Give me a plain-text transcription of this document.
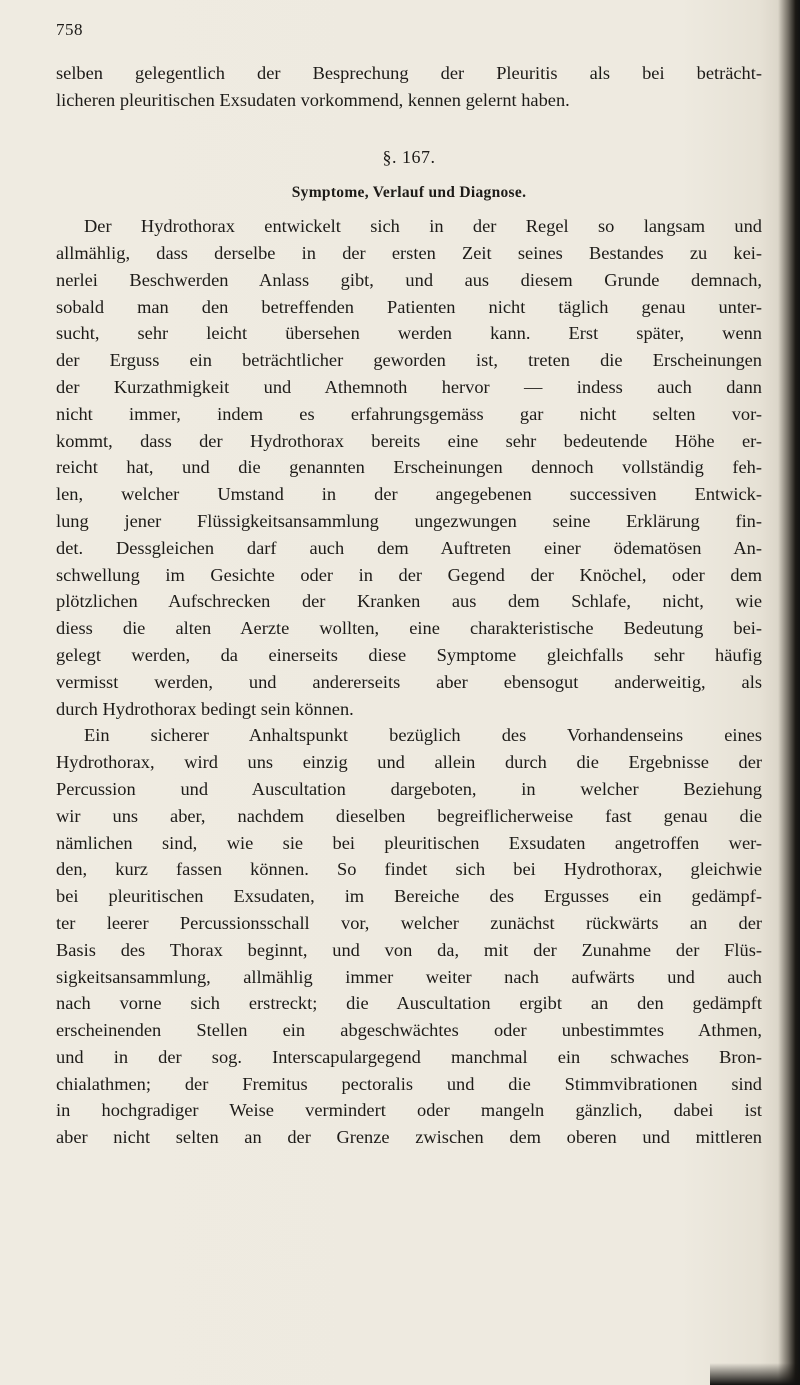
758
selben gelegentlich der Besprechung der Pleuritis als bei beträcht-
licheren pleuritischen Exsudaten vorkommend, kennen gelernt haben.
§. 167.
Symptome, Verlauf und Diagnose.
Der Hydrothorax entwickelt sich in der Regel so langsam und
allmählig, dass derselbe in der ersten Zeit seines Bestandes zu kei-
nerlei Beschwerden Anlass gibt, und aus diesem Grunde demnach,
sobald man den betreffenden Patienten nicht täglich genau unter-
sucht, sehr leicht übersehen werden kann. Erst später, wenn
der Erguss ein beträchtlicher geworden ist, treten die Erscheinungen
der Kurzathmigkeit und Athemnoth hervor — indess auch dann
nicht immer, indem es erfahrungsgemäss gar nicht selten vor-
kommt, dass der Hydrothorax bereits eine sehr bedeutende Höhe er-
reicht hat, und die genannten Erscheinungen dennoch vollständig feh-
len, welcher Umstand in der angegebenen successiven Entwick-
lung jener Flüssigkeitsansammlung ungezwungen seine Erklärung fin-
det. Dessgleichen darf auch dem Auftreten einer ödematösen An-
schwellung im Gesichte oder in der Gegend der Knöchel, oder dem
plötzlichen Aufschrecken der Kranken aus dem Schlafe, nicht, wie
diess die alten Aerzte wollten, eine charakteristische Bedeutung bei-
gelegt werden, da einerseits diese Symptome gleichfalls sehr häufig
vermisst werden, und andererseits aber ebensogut anderweitig, als
durch Hydrothorax bedingt sein können.
Ein sicherer Anhaltspunkt bezüglich des Vorhandenseins eines
Hydrothorax, wird uns einzig und allein durch die Ergebnisse der
Percussion und Auscultation dargeboten, in welcher Beziehung
wir uns aber, nachdem dieselben begreiflicherweise fast genau die
nämlichen sind, wie sie bei pleuritischen Exsudaten angetroffen wer-
den, kurz fassen können. So findet sich bei Hydrothorax, gleichwie
bei pleuritischen Exsudaten, im Bereiche des Ergusses ein gedämpf-
ter leerer Percussionsschall vor, welcher zunächst rückwärts an der
Basis des Thorax beginnt, und von da, mit der Zunahme der Flüs-
sigkeitsansammlung, allmählig immer weiter nach aufwärts und auch
nach vorne sich erstreckt; die Auscultation ergibt an den gedämpft
erscheinenden Stellen ein abgeschwächtes oder unbestimmtes Athmen,
und in der sog. Interscapulargegend manchmal ein schwaches Bron-
chialathmen; der Fremitus pectoralis und die Stimmvibrationen sind
in hochgradiger Weise vermindert oder mangeln gänzlich, dabei ist
aber nicht selten an der Grenze zwischen dem oberen und mittleren
